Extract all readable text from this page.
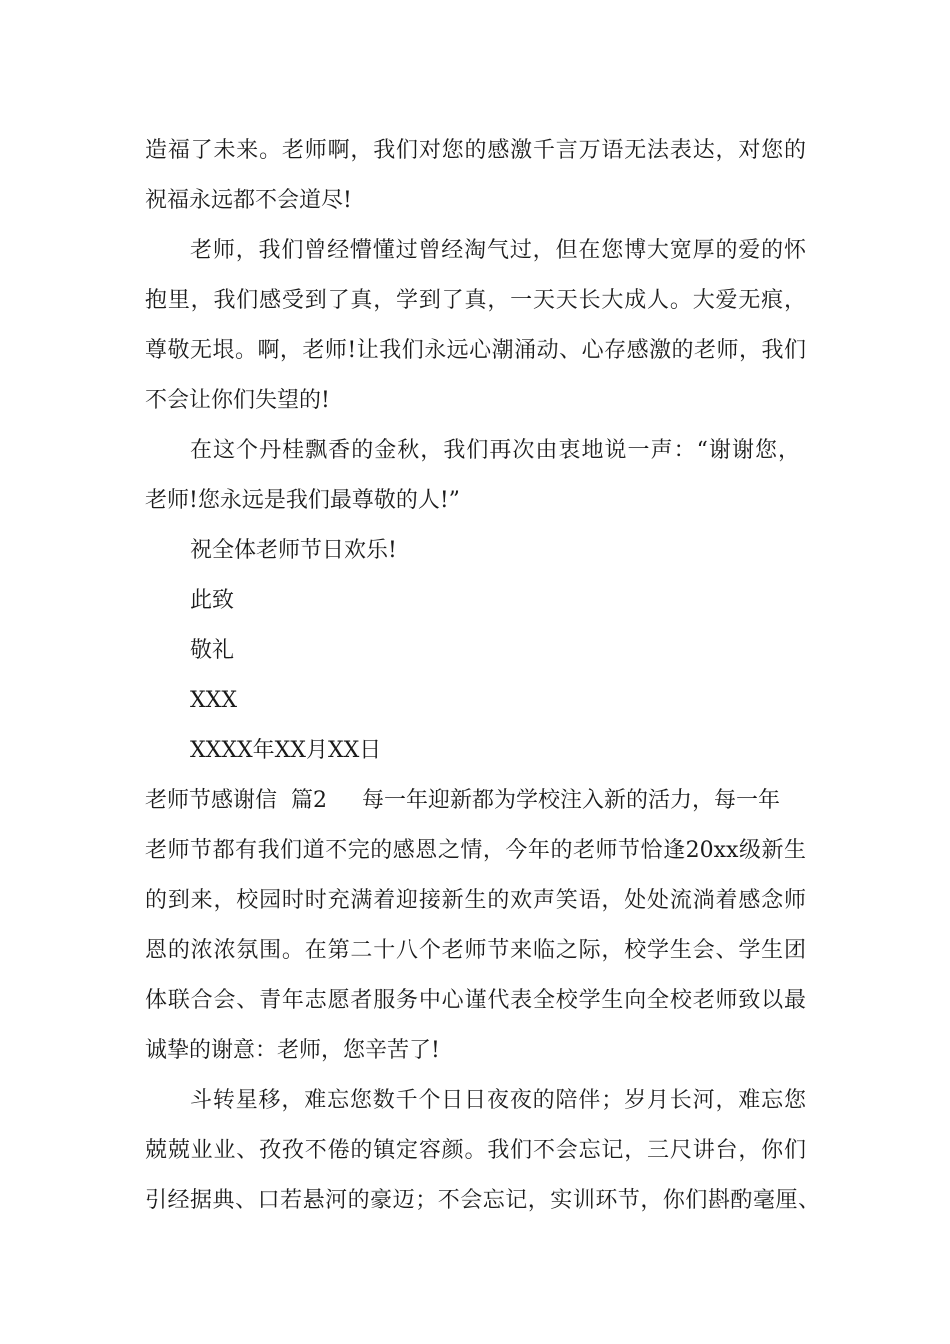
造福了未来。老师啊，我们对您的感激千言万语无法表达，对您的
祝福永远都不会道尽!
老师，我们曾经懵懂过曾经淘气过，但在您博大宽厚的爱的怀
抱里，我们感受到了真，学到了真，一天天长大成人。大爱无痕，
尊敬无垠。啊，老师!让我们永远心潮涌动、心存感激的老师，我们
不会让你们失望的!
在这个丹桂飘香的金秋，我们再次由衷地说一声：“谢谢您，
老师!您永远是我们最尊敬的人!”
祝全体老师节日欢乐!
此致
敬礼
XXX
XXXX年XX月XX日
老师节感谢信  篇2     每一年迎新都为学校注入新的活力，每一年
老师节都有我们道不完的感恩之情，今年的老师节恰逢20xx级新生
的到来，校园时时充满着迎接新生的欢声笑语，处处流淌着感念师
恩的浓浓氛围。在第二十八个老师节来临之际，校学生会、学生团
体联合会、青年志愿者服务中心谨代表全校学生向全校老师致以最
诚挚的谢意：老师，您辛苦了!
斗转星移，难忘您数千个日日夜夜的陪伴；岁月长河，难忘您
兢兢业业、孜孜不倦的镇定容颜。我们不会忘记，三尺讲台，你们
引经据典、口若悬河的豪迈；不会忘记，实训环节，你们斟酌毫厘、
